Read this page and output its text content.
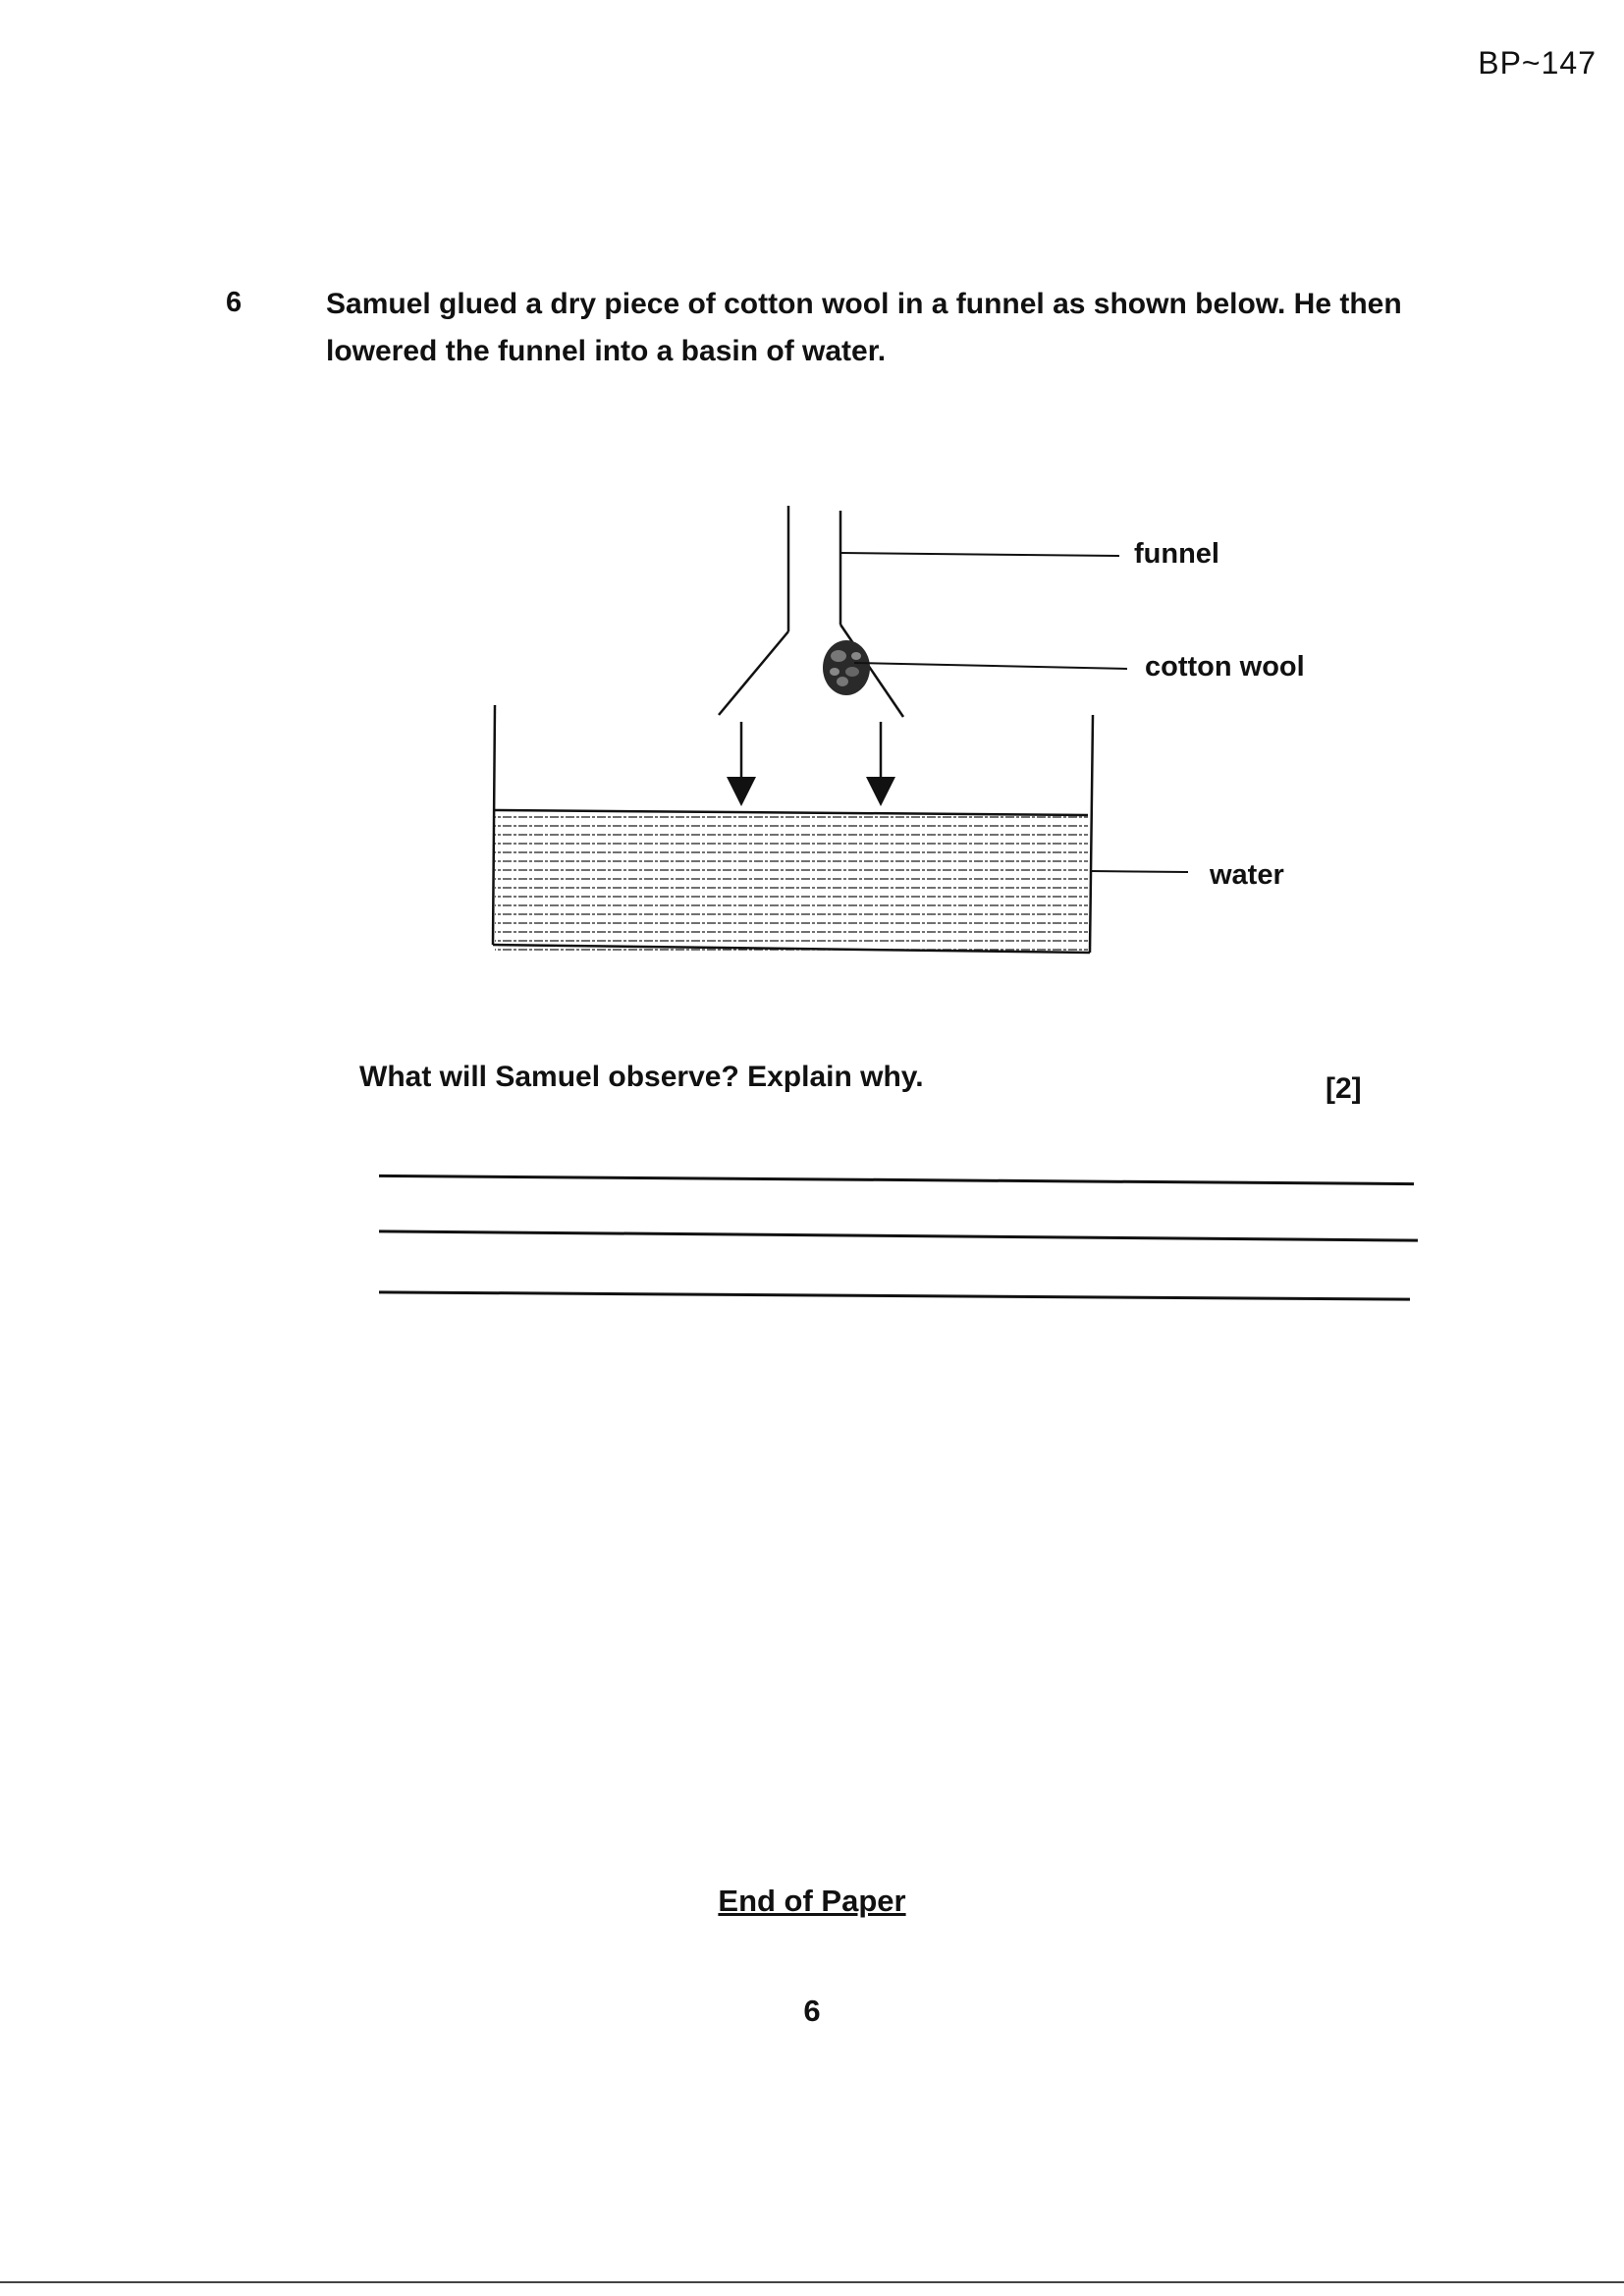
BP~147
6	Samuel glued a dry piece of cotton wool in a funnel as shown below. He then lowered the funnel into a basin of water.
funnel
cotton wool
water
What will Samuel observe? Explain why.	[2]
End of Paper
6
